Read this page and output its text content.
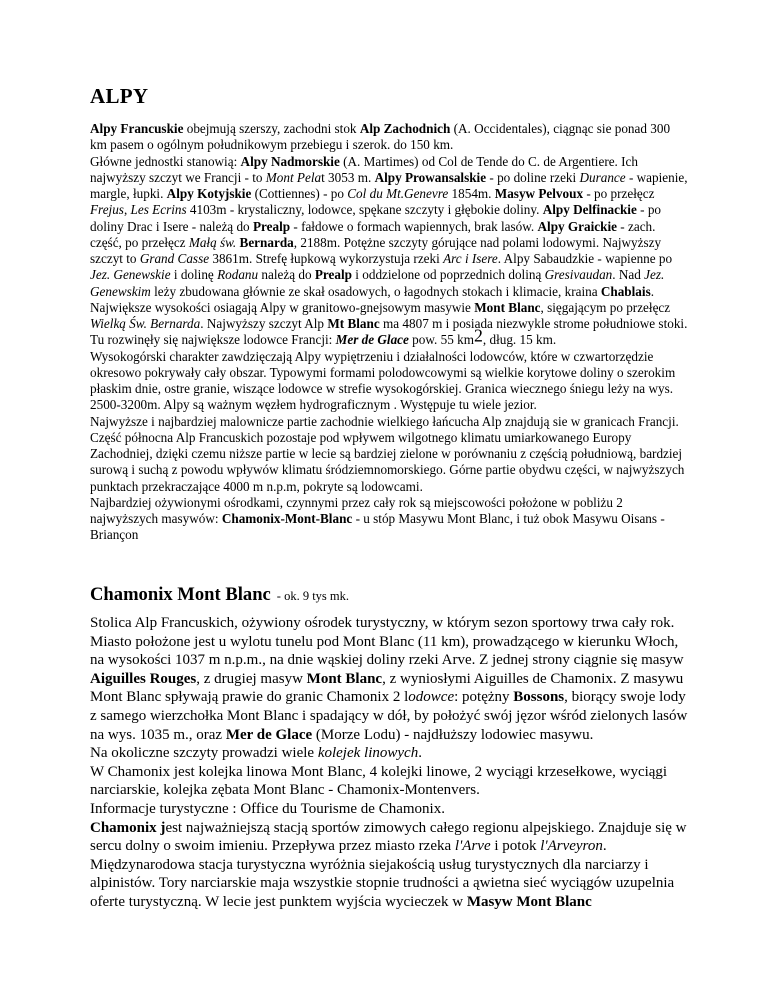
ALPY

Alpy Francuskie obejmują szerszy, zachodni stok Alp Zachodnich (A. Occidentales), ciągnąc sie ponad 300 km pasem o ogólnym południkowym przebiegu i szerok. do 150 km.

Główne jednostki stanowią: Alpy Nadmorskie (A. Martimes) od Col de Tende do C. de Argentiere. Ich najwyższy szczyt we Francji - to Mont Pelat 3053 m. Alpy Prowansalskie - po doline rzeki Durance - wapienie, margle, łupki. Alpy Kotyjskie (Cottiennes) - po Col du Mt.Genevre 1854m. Masyw Pelvoux - po przełęcz Frejus, Les Ecrins 4103m - krystaliczny, lodowce, spękane szczyty i głębokie doliny. Alpy Delfinackie - po doliny Drac i Isere - należą do Prealp - fałdowe o formach wapiennych, brak lasów. Alpy Graickie - zach. część, po przełęcz Małą św. Bernarda, 2188m. Potężne szczyty górujące nad polami lodowymi. Najwyższy szczyt to Grand Casse 3861m. Strefę łupkową wykorzystuja rzeki Arc i Isere. Alpy Sabaudzkie - wapienne po Jez. Genewskie i dolinę Rodanu należą do Prealp i oddzielone od poprzednich doliną Gresivaudan. Nad Jez. Genewskim leży zbudowana głównie ze skał osadowych, o łagodnych stokach i klimacie, kraina Chablais.

Największe wysokości osiagają Alpy w granitowo-gnejsowym masywie Mont Blanc, sięgającym po przełęcz Wielką Św. Bernarda. Najwyższy szczyt Alp Mt Blanc ma 4807 m i posiada niezwykle strome południowe stoki. Tu rozwinęły się największe lodowce Francji: Mer de Glace pow. 55 $km^2$, dług. 15 km.

Wysokogórski charakter zawdzięczają Alpy wypiętrzeniu i działalności lodowców, które w czwartorzędzie okresowo pokrywały cały obszar. Typowymi formami polodowcowymi są wielkie korytowe doliny o szerokim płaskim dnie, ostre granie, wiszące lodowce w strefie wysokogórskiej. Granica wiecznego śniegu leży na wys. 2500-3200m. Alpy są ważnym węzłem hydrograficznym . Występuje tu wiele jezior.

Najwyższe i najbardziej malownicze partie zachodnie wielkiego łańcucha Alp znajdują sie w granicach Francji. Część północna Alp Francuskich pozostaje pod wpływem wilgotnego klimatu umiarkowanego Europy Zachodniej, dzięki czemu niższe partie w lecie są bardziej zielone w porównaniu z częścią południową, bardziej surową i suchą z powodu wpływów klimatu śródziemnomorskiego. Górne partie obydwu części, w najwyższych punktach przekraczające 4000 m n.p.m, pokryte są lodowcami.

Najbardziej ożywionymi ośrodkami, czynnymi przez cały rok są miejscowości położone w pobliżu 2 najwyższych masywów: Chamonix-Mont-Blanc - u stóp Masywu Mont Blanc, i tuż obok Masywu Oisans - Briançon

Chamonix Mont Blanc - ok. 9 tys mk.

Stolica Alp Francuskich, ożywiony ośrodek turystyczny, w którym sezon sportowy trwa cały rok.

Miasto położone jest u wylotu tunelu pod Mont Blanc (11 km), prowadzącego w kierunku Włoch, na wysokości 1037 m n.p.m., na dnie wąskiej doliny rzeki Arve. Z jednej strony ciągnie się masyw Aiguilles Rouges, z drugiej masyw Mont Blanc, z wyniosłymi Aiguilles de Chamonix. Z masywu Mont Blanc spływają prawie do granic Chamonix 2 lodowce: potężny Bossons, biorący swoje lody z samego wierzchołka Mont Blanc i spadający w dół, by położyć swój jęzor wśród zielonych lasów na wys. 1035 m., oraz Mer de Glace (Morze Lodu) - najdłuższy lodowiec masywu.

Na okoliczne szczyty prowadzi wiele kolejek linowych.

W Chamonix jest kolejka linowa Mont Blanc, 4 kolejki linowe, 2 wyciągi krzesełkowe, wyciągi narciarskie, kolejka zębata Mont Blanc - Chamonix-Montenvers.

Informacje turystyczne : Office du Tourisme de Chamonix.

Chamonix jest najważniejszą stacją sportów zimowych całego regionu alpejskiego. Znajduje się w sercu dolny o swoim imieniu. Przepływa przez miasto rzeka l'Arve i potok l'Arveyron. Międzynarodowa stacja turystyczna wyróżnia siejakością usług turystycznych dla narciarzy i alpinistów. Tory narciarskie maja wszystkie stopnie trudności a ąwietna sieć wyciągów uzupelnia oferte turystyczną. W lecie jest punktem wyjścia wycieczek w Masyw Mont Blanc
